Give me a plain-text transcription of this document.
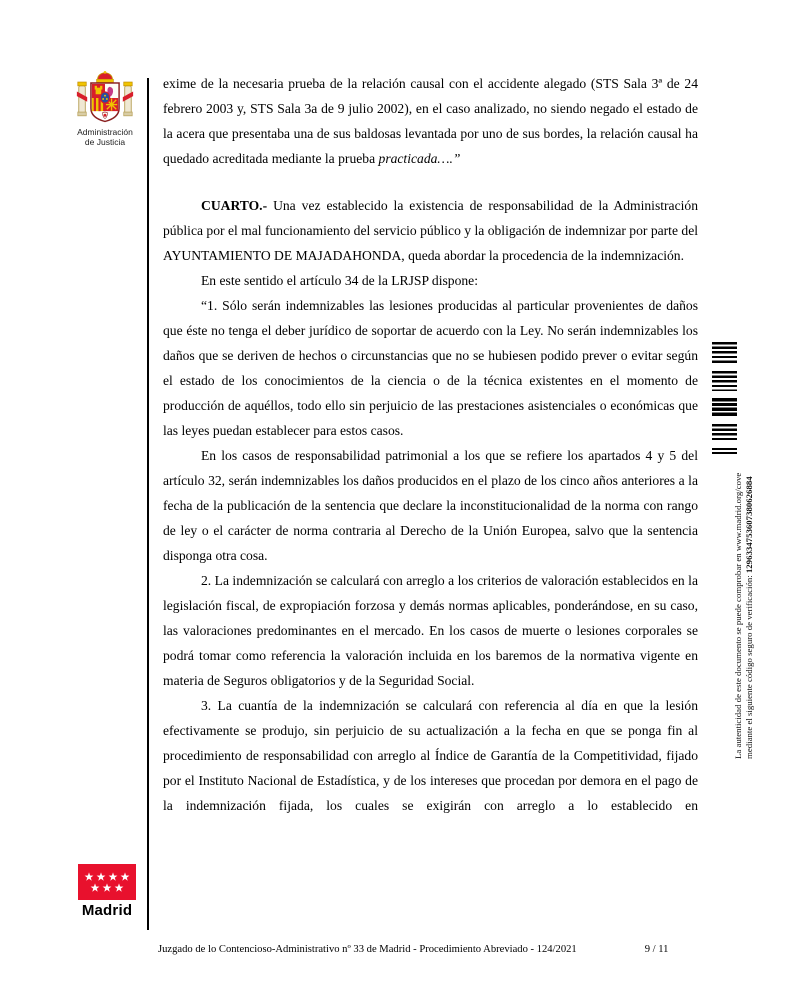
Administración
de Justicia

exime de la necesaria prueba de la relación causal con el accidente alegado (STS Sala 3ª de 24 febrero 2003 y, STS Sala 3a de 9 julio 2002), en el caso analizado, no siendo negado el estado de la acera que presentaba una de sus baldosas levantada por uno de sus bordes, la relación causal ha quedado acreditada mediante la prueba practicada….”

CUARTO.- Una vez establecido la existencia de responsabilidad de la Administración pública por el mal funcionamiento del servicio público y la obligación de indemnizar por parte del AYUNTAMIENTO DE MAJADAHONDA, queda abordar la procedencia de la indemnización.

En este sentido el artículo 34 de la LRJSP dispone:

“1. Sólo serán indemnizables las lesiones producidas al particular provenientes de daños que éste no tenga el deber jurídico de soportar de acuerdo con la Ley. No serán indemnizables los daños que se deriven de hechos o circunstancias que no se hubiesen podido prever o evitar según el estado de los conocimientos de la ciencia o de la técnica existentes en el momento de producción de aquéllos, todo ello sin perjuicio de las prestaciones asistenciales o económicas que las leyes puedan establecer para estos casos.

En los casos de responsabilidad patrimonial a los que se refiere los apartados 4 y 5 del artículo 32, serán indemnizables los daños producidos en el plazo de los cinco años anteriores a la fecha de la publicación de la sentencia que declare la inconstitucionalidad de la norma con rango de ley o el carácter de norma contraria al Derecho de la Unión Europea, salvo que la sentencia disponga otra cosa.

2. La indemnización se calculará con arreglo a los criterios de valoración establecidos en la legislación fiscal, de expropiación forzosa y demás normas aplicables, ponderándose, en su caso, las valoraciones predominantes en el mercado. En los casos de muerte o lesiones corporales se podrá tomar como referencia la valoración incluida en los baremos de la normativa vigente en materia de Seguros obligatorios y de la Seguridad Social.

3. La cuantía de la indemnización se calculará con referencia al día en que la lesión efectivamente se produjo, sin perjuicio de su actualización a la fecha en que se ponga fin al procedimiento de responsabilidad con arreglo al Índice de Garantía de la Competitividad, fijado por el Instituto Nacional de Estadística, y de los intereses que procedan por demora en el pago de la indemnización fijada, los cuales se exigirán con arreglo a lo establecido en

La autenticidad de este documento se puede comprobar en www.madrid.org/cove
mediante el siguiente código seguro de verificación: 1296334753607380626884
Madrid
Juzgado de lo Contencioso-Administrativo nº 33 de Madrid - Procedimiento Abreviado - 124/2021	9 / 11
